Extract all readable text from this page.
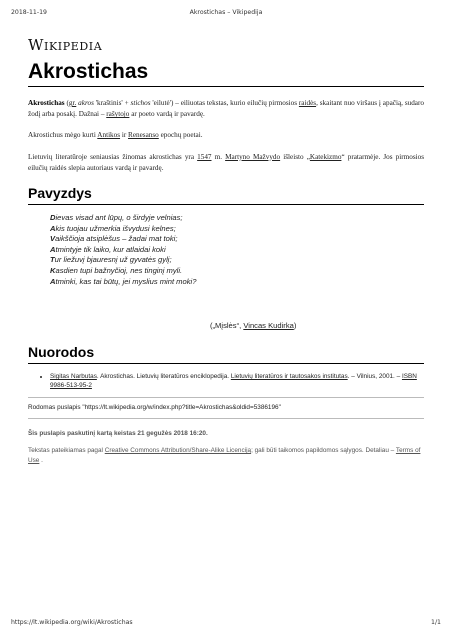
2018-11-19	Akrostichas – Vikipedija
Wikipedia
Akrostichas

Akrostichas (gr. akros 'kraštinis' + stichos 'eilutė') – eiliuotas tekstas, kurio eilučių pirmosios raidės, skaitant nuo viršaus į apačią, sudaro žodį arba posakį. Dažnai – rašytojo ar poeto vardą ir pavardę.

Akrostichus mėgo kurti Antikos ir Renesanso epochų poetai.

Lietuvių literatūroje seniausias žinomas akrostichas yra 1547 m. Martyno Mažvydo išleisto „Katekizmo“ pratarmėje. Jos pirmosios eilučių raidės slepia autoriaus vardą ir pavardę.

Pavyzdys
Dievas visad ant lūpų, o širdyje velnias;
Akis tuojau užmerkia išvydusi kelnes;
Vaikščioja atsiplėšus – žadai mat toki;
Atmintyje tik laiko, kur atlaidai koki
Tur liežuvį bjauresnį už gyvatės gylį;
Kasdien tupi bažnyčioj, nes tinginį myli.
Atminki, kas tai būtų, jei myslius mint moki?
(„Mįslės“, Vincas Kudirka)
Nuorodos
• Sigitas Narbutas. Akrostichas. Lietuvių literatūros enciklopedija. Lietuvių literatūros ir tautosakos institutas. – Vilnius, 2001. – ISBN 9986-513-95-2
Rodomas puslapis "https://lt.wikipedia.org/w/index.php?title=Akrostichas&oldid=5386196"
Šis puslapis paskutinį kartą keistas 21 gegužės 2018 16:20.
Tekstas pateikiamas pagal Creative Commons Attribution/Share-Alike Licenciją; gali būti taikomos papildomos sąlygos. Detaliau – Terms of Use .
https://lt.wikipedia.org/wiki/Akrostichas	1/1
